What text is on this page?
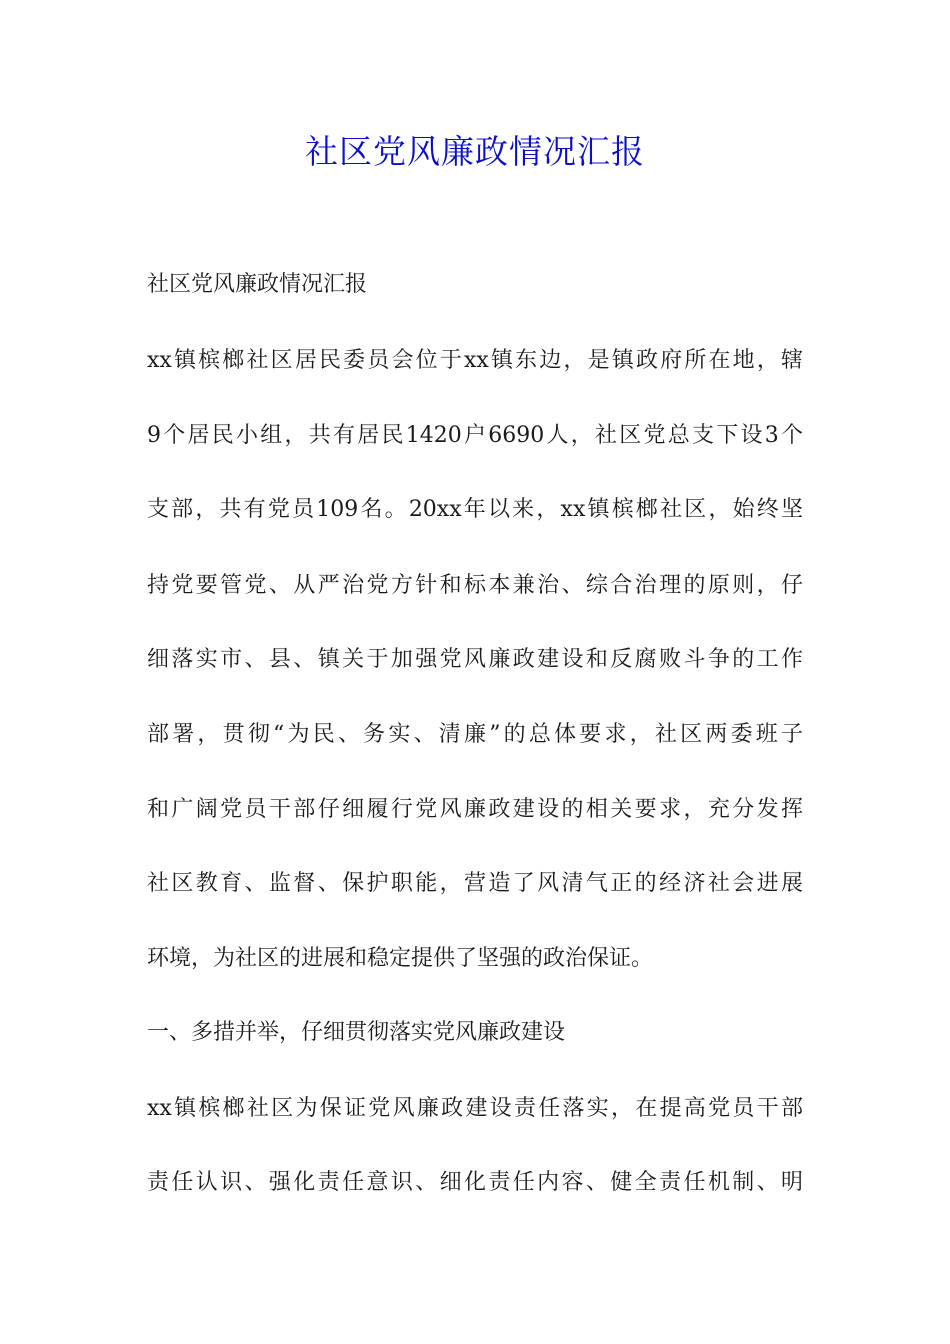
社区党风廉政情况汇报

社区党风廉政情况汇报

xx镇槟榔社区居民委员会位于xx镇东边，是镇政府所在地，辖

9个居民小组，共有居民1420户6690人，社区党总支下设3个

支部，共有党员109名。20xx年以来，xx镇槟榔社区，始终坚

持党要管党、从严治党方针和标本兼治、综合治理的原则，仔

细落实市、县、镇关于加强党风廉政建设和反腐败斗争的工作

部署，贯彻“为民、务实、清廉”的总体要求，社区两委班子

和广阔党员干部仔细履行党风廉政建设的相关要求，充分发挥

社区教育、监督、保护职能，营造了风清气正的经济社会进展

环境，为社区的进展和稳定提供了坚强的政治保证。

一、多措并举，仔细贯彻落实党风廉政建设

xx镇槟榔社区为保证党风廉政建设责任落实，在提高党员干部

责任认识、强化责任意识、细化责任内容、健全责任机制、明
